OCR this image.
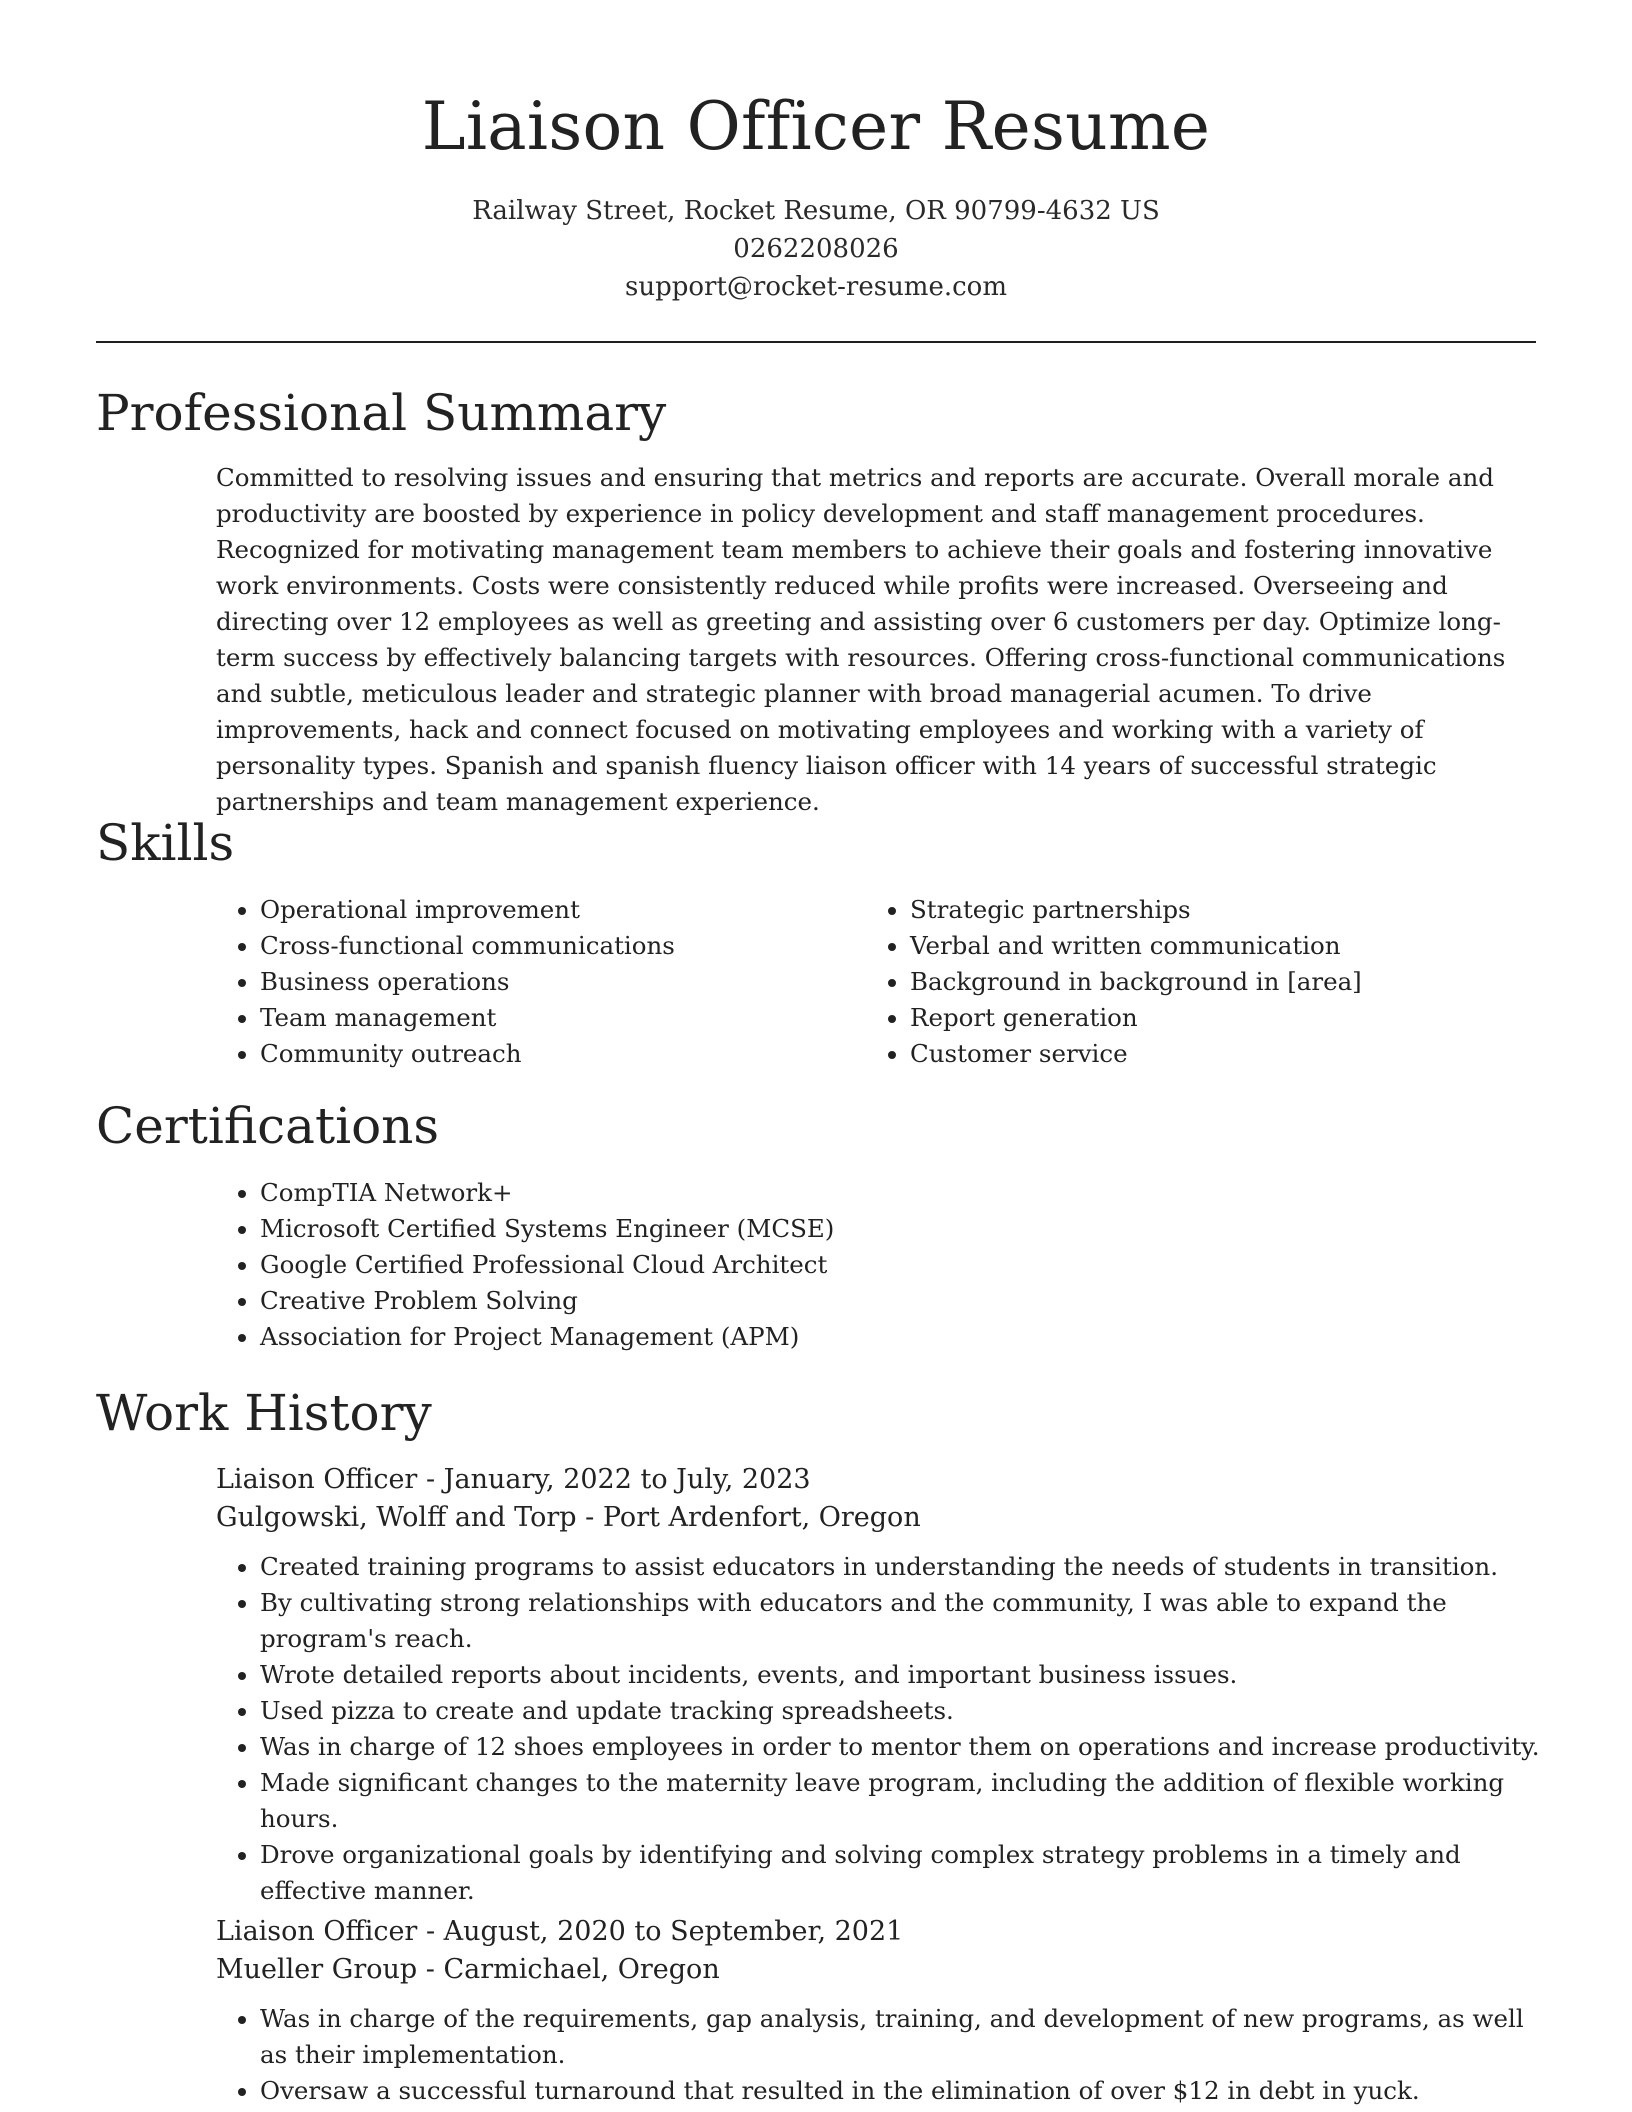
Liaison Officer Resume
Railway Street, Rocket Resume, OR 90799-4632 US
0262208026
support@rocket-resume.com
Professional Summary

Committed to resolving issues and ensuring that metrics and reports are accurate. Overall morale and productivity are boosted by experience in policy development and staff management procedures. Recognized for motivating management team members to achieve their goals and fostering innovative work environments. Costs were consistently reduced while profits were increased. Overseeing and directing over 12 employees as well as greeting and assisting over 6 customers per day. Optimize long-term success by effectively balancing targets with resources. Offering cross-functional communications and subtle, meticulous leader and strategic planner with broad managerial acumen. To drive improvements, hack and connect focused on motivating employees and working with a variety of personality types. Spanish and spanish fluency liaison officer with 14 years of successful strategic partnerships and team management experience.

Skills
• Operational improvement
• Cross-functional communications
• Business operations
• Team management
• Community outreach
• Strategic partnerships
• Verbal and written communication
• Background in background in [area]
• Report generation
• Customer service
Certifications
• CompTIA Network+
• Microsoft Certified Systems Engineer (MCSE)
• Google Certified Professional Cloud Architect
• Creative Problem Solving
• Association for Project Management (APM)
Work History
Liaison Officer - January, 2022 to July, 2023
Gulgowski, Wolff and Torp - Port Ardenfort, Oregon
• Created training programs to assist educators in understanding the needs of students in transition.
• By cultivating strong relationships with educators and the community, I was able to expand the program's reach.
• Wrote detailed reports about incidents, events, and important business issues.
• Used pizza to create and update tracking spreadsheets.
• Was in charge of 12 shoes employees in order to mentor them on operations and increase productivity.
• Made significant changes to the maternity leave program, including the addition of flexible working hours.
• Drove organizational goals by identifying and solving complex strategy problems in a timely and effective manner.
Liaison Officer - August, 2020 to September, 2021
Mueller Group - Carmichael, Oregon
• Was in charge of the requirements, gap analysis, training, and development of new programs, as well as their implementation.
• Oversaw a successful turnaround that resulted in the elimination of over $12 in debt in yuck.
